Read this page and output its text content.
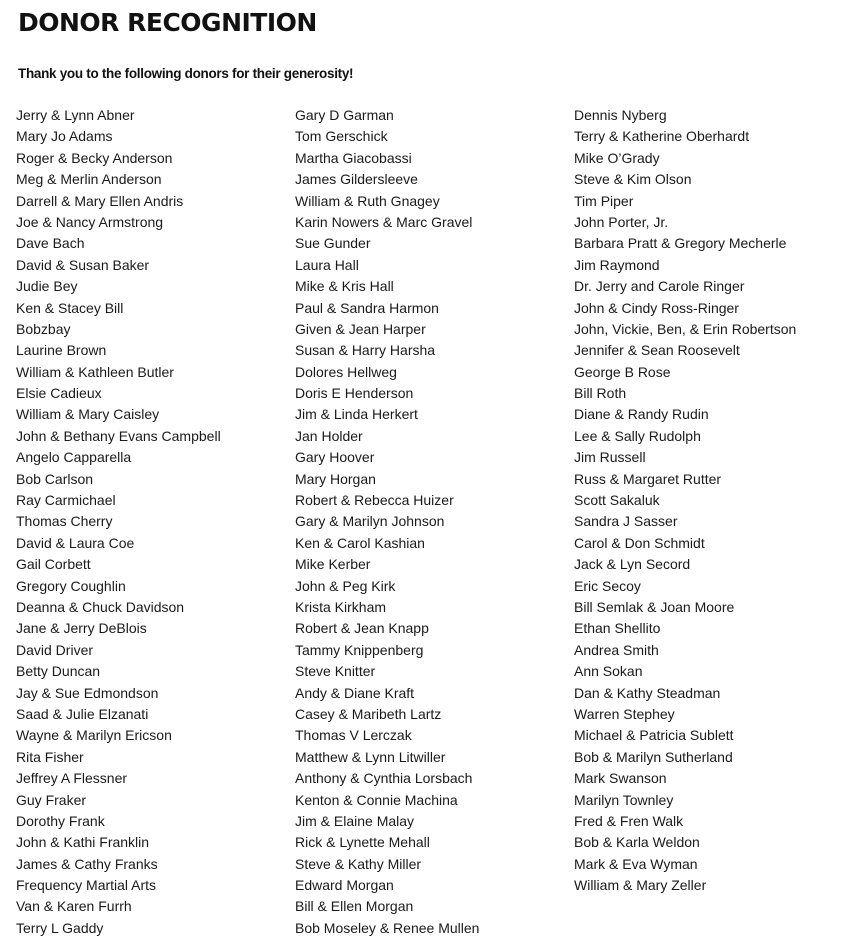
DONOR RECOGNITION

Thank you to the following donors for their generosity!

Jerry & Lynn Abner
Mary Jo Adams
Roger & Becky Anderson
Meg & Merlin Anderson
Darrell & Mary Ellen Andris
Joe & Nancy Armstrong
Dave Bach
David & Susan Baker
Judie Bey
Ken & Stacey Bill
Bobzbay
Laurine Brown
William & Kathleen Butler
Elsie Cadieux
William & Mary Caisley
John & Bethany Evans Campbell
Angelo Capparella
Bob Carlson
Ray Carmichael
Thomas Cherry
David & Laura Coe
Gail Corbett
Gregory Coughlin
Deanna & Chuck Davidson
Jane & Jerry DeBlois
David Driver
Betty Duncan
Jay & Sue Edmondson
Saad & Julie Elzanati
Wayne & Marilyn Ericson
Rita Fisher
Jeffrey A Flessner
Guy Fraker
Dorothy Frank
John & Kathi Franklin
James & Cathy Franks
Frequency Martial Arts
Van & Karen Furrh
Terry L Gaddy
Gary D Garman
Tom Gerschick
Martha Giacobassi
James Gildersleeve
William & Ruth Gnagey
Karin Nowers & Marc Gravel
Sue Gunder
Laura Hall
Mike & Kris Hall
Paul & Sandra Harmon
Given & Jean Harper
Susan & Harry Harsha
Dolores Hellweg
Doris E Henderson
Jim & Linda Herkert
Jan Holder
Gary Hoover
Mary Horgan
Robert & Rebecca Huizer
Gary & Marilyn Johnson
Ken & Carol Kashian
Mike Kerber
John & Peg Kirk
Krista Kirkham
Robert & Jean Knapp
Tammy Knippenberg
Steve Knitter
Andy & Diane Kraft
Casey & Maribeth Lartz
Thomas V Lerczak
Matthew & Lynn Litwiller
Anthony & Cynthia Lorsbach
Kenton & Connie Machina
Jim & Elaine Malay
Rick & Lynette Mehall
Steve & Kathy Miller
Edward Morgan
Bill & Ellen Morgan
Bob Moseley & Renee Mullen
Dennis Nyberg
Terry & Katherine Oberhardt
Mike O’Grady
Steve & Kim Olson
Tim Piper
John Porter, Jr.
Barbara Pratt & Gregory Mecherle
Jim Raymond
Dr. Jerry and Carole Ringer
John & Cindy Ross-Ringer
John, Vickie, Ben, & Erin Robertson
Jennifer & Sean Roosevelt
George B Rose
Bill Roth
Diane & Randy Rudin
Lee & Sally Rudolph
Jim Russell
Russ & Margaret Rutter
Scott Sakaluk
Sandra J Sasser
Carol & Don Schmidt
Jack & Lyn Secord
Eric Secoy
Bill Semlak & Joan Moore
Ethan Shellito
Andrea Smith
Ann Sokan
Dan & Kathy Steadman
Warren Stephey
Michael & Patricia Sublett
Bob & Marilyn Sutherland
Mark Swanson
Marilyn Townley
Fred & Fren Walk
Bob & Karla Weldon
Mark & Eva Wyman
William & Mary Zeller
